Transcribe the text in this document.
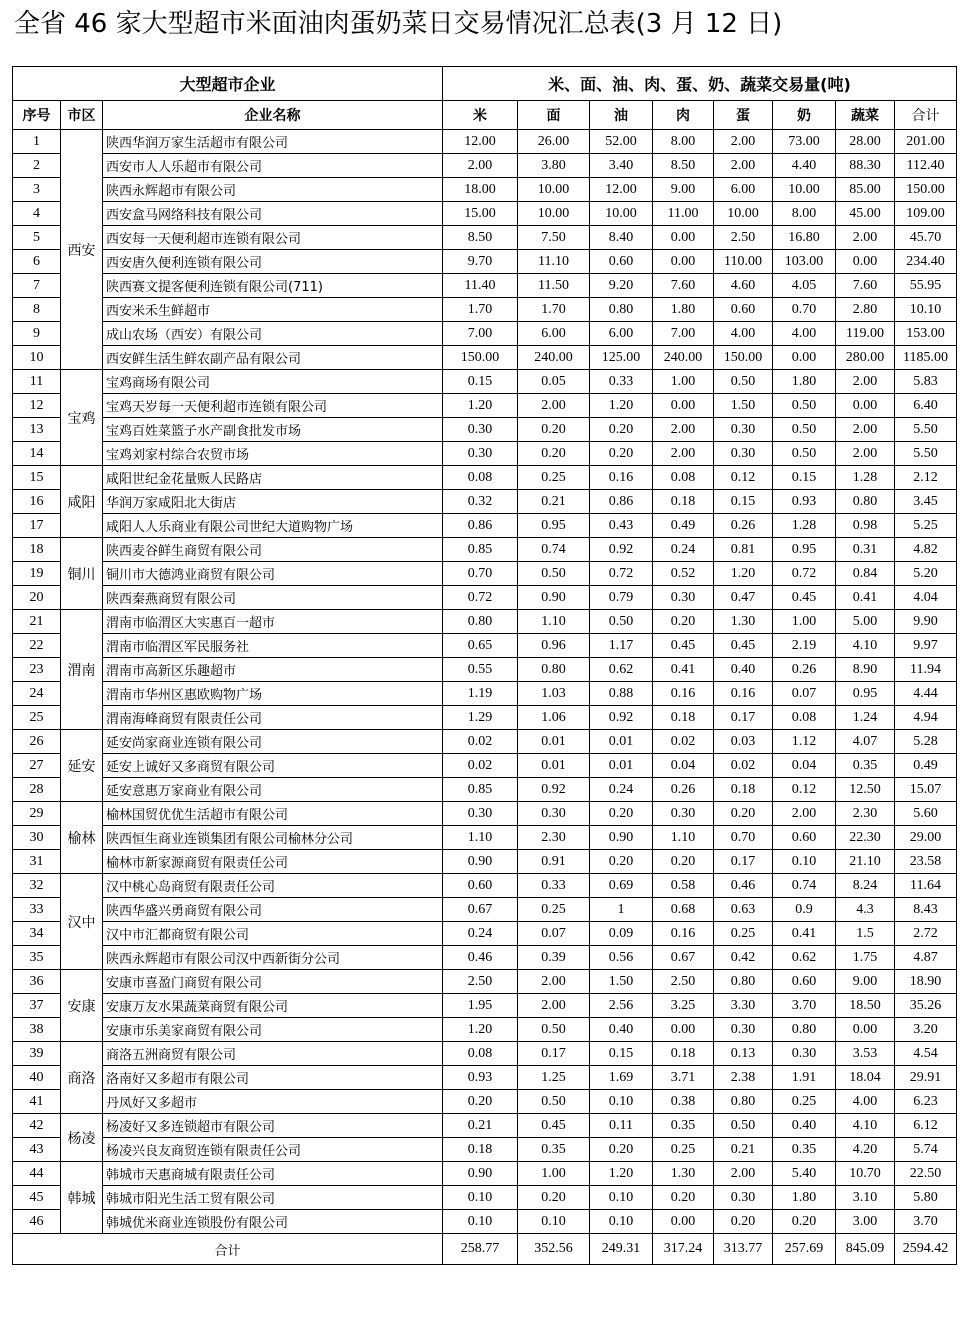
全省 46 家大型超市米面油肉蛋奶菜日交易情况汇总表(3 月 12 日)
大型超市企业			米、面、油、肉、蛋、奶、蔬菜交易量(吨)							
序号	市区	企业名称	米	面	油	肉	蛋	奶	蔬菜	合计
1	西安	陕西华润万家生活超市有限公司	12.00	26.00	52.00	8.00	2.00	73.00	28.00	201.00
2		西安市人人乐超市有限公司	2.00	3.80	3.40	8.50	2.00	4.40	88.30	112.40
3		陕西永辉超市有限公司	18.00	10.00	12.00	9.00	6.00	10.00	85.00	150.00
4		西安盒马网络科技有限公司	15.00	10.00	10.00	11.00	10.00	8.00	45.00	109.00
5		西安每一天便利超市连锁有限公司	8.50	7.50	8.40	0.00	2.50	16.80	2.00	45.70
6		西安唐久便利连锁有限公司	9.70	11.10	0.60	0.00	110.00	103.00	0.00	234.40
7		陕西赛文提客便利连锁有限公司(711)	11.40	11.50	9.20	7.60	4.60	4.05	7.60	55.95
8		西安米禾生鲜超市	1.70	1.70	0.80	1.80	0.60	0.70	2.80	10.10
9		成山农场（西安）有限公司	7.00	6.00	6.00	7.00	4.00	4.00	119.00	153.00
10		西安鲜生活生鲜农副产品有限公司	150.00	240.00	125.00	240.00	150.00	0.00	280.00	1185.00
11	宝鸡	宝鸡商场有限公司	0.15	0.05	0.33	1.00	0.50	1.80	2.00	5.83
12		宝鸡天岁每一天便利超市连锁有限公司	1.20	2.00	1.20	0.00	1.50	0.50	0.00	6.40
13		宝鸡百姓菜篮子水产副食批发市场	0.30	0.20	0.20	2.00	0.30	0.50	2.00	5.50
14		宝鸡刘家村综合农贸市场	0.30	0.20	0.20	2.00	0.30	0.50	2.00	5.50
15	咸阳	咸阳世纪金花量贩人民路店	0.08	0.25	0.16	0.08	0.12	0.15	1.28	2.12
16		华润万家咸阳北大街店	0.32	0.21	0.86	0.18	0.15	0.93	0.80	3.45
17		咸阳人人乐商业有限公司世纪大道购物广场	0.86	0.95	0.43	0.49	0.26	1.28	0.98	5.25
18	铜川	陕西麦谷鲜生商贸有限公司	0.85	0.74	0.92	0.24	0.81	0.95	0.31	4.82
19		铜川市大德鸿业商贸有限公司	0.70	0.50	0.72	0.52	1.20	0.72	0.84	5.20
20		陕西秦燕商贸有限公司	0.72	0.90	0.79	0.30	0.47	0.45	0.41	4.04
21	渭南	渭南市临渭区大实惠百一超市	0.80	1.10	0.50	0.20	1.30	1.00	5.00	9.90
22		渭南市临渭区军民服务社	0.65	0.96	1.17	0.45	0.45	2.19	4.10	9.97
23		渭南市高新区乐趣超市	0.55	0.80	0.62	0.41	0.40	0.26	8.90	11.94
24		渭南市华州区惠欧购物广场	1.19	1.03	0.88	0.16	0.16	0.07	0.95	4.44
25		渭南海峰商贸有限责任公司	1.29	1.06	0.92	0.18	0.17	0.08	1.24	4.94
26	延安	延安尚家商业连锁有限公司	0.02	0.01	0.01	0.02	0.03	1.12	4.07	5.28
27		延安上诚好又多商贸有限公司	0.02	0.01	0.01	0.04	0.02	0.04	0.35	0.49
28		延安意惠万家商业有限公司	0.85	0.92	0.24	0.26	0.18	0.12	12.50	15.07
29	榆林	榆林国贸优优生活超市有限公司	0.30	0.30	0.20	0.30	0.20	2.00	2.30	5.60
30		陕西恒生商业连锁集团有限公司榆林分公司	1.10	2.30	0.90	1.10	0.70	0.60	22.30	29.00
31		榆林市新家源商贸有限责任公司	0.90	0.91	0.20	0.20	0.17	0.10	21.10	23.58
32	汉中	汉中桃心岛商贸有限责任公司	0.60	0.33	0.69	0.58	0.46	0.74	8.24	11.64
33		陕西华盛兴勇商贸有限公司	0.67	0.25	1	0.68	0.63	0.9	4.3	8.43
34		汉中市汇都商贸有限公司	0.24	0.07	0.09	0.16	0.25	0.41	1.5	2.72
35		陕西永辉超市有限公司汉中西新街分公司	0.46	0.39	0.56	0.67	0.42	0.62	1.75	4.87
36	安康	安康市喜盈门商贸有限公司	2.50	2.00	1.50	2.50	0.80	0.60	9.00	18.90
37		安康万友水果蔬菜商贸有限公司	1.95	2.00	2.56	3.25	3.30	3.70	18.50	35.26
38		安康市乐美家商贸有限公司	1.20	0.50	0.40	0.00	0.30	0.80	0.00	3.20
39	商洛	商洛五洲商贸有限公司	0.08	0.17	0.15	0.18	0.13	0.30	3.53	4.54
40		洛南好又多超市有限公司	0.93	1.25	1.69	3.71	2.38	1.91	18.04	29.91
41		丹凤好又多超市	0.20	0.50	0.10	0.38	0.80	0.25	4.00	6.23
42	杨凌	杨凌好又多连锁超市有限公司	0.21	0.45	0.11	0.35	0.50	0.40	4.10	6.12
43		杨凌兴良友商贸连锁有限责任公司	0.18	0.35	0.20	0.25	0.21	0.35	4.20	5.74
44	韩城	韩城市天惠商城有限责任公司	0.90	1.00	1.20	1.30	2.00	5.40	10.70	22.50
45		韩城市阳光生活工贸有限公司	0.10	0.20	0.10	0.20	0.30	1.80	3.10	5.80
46		韩城优米商业连锁股份有限公司	0.10	0.10	0.10	0.00	0.20	0.20	3.00	3.70
合计			258.77	352.56	249.31	317.24	313.77	257.69	845.09	2594.42
